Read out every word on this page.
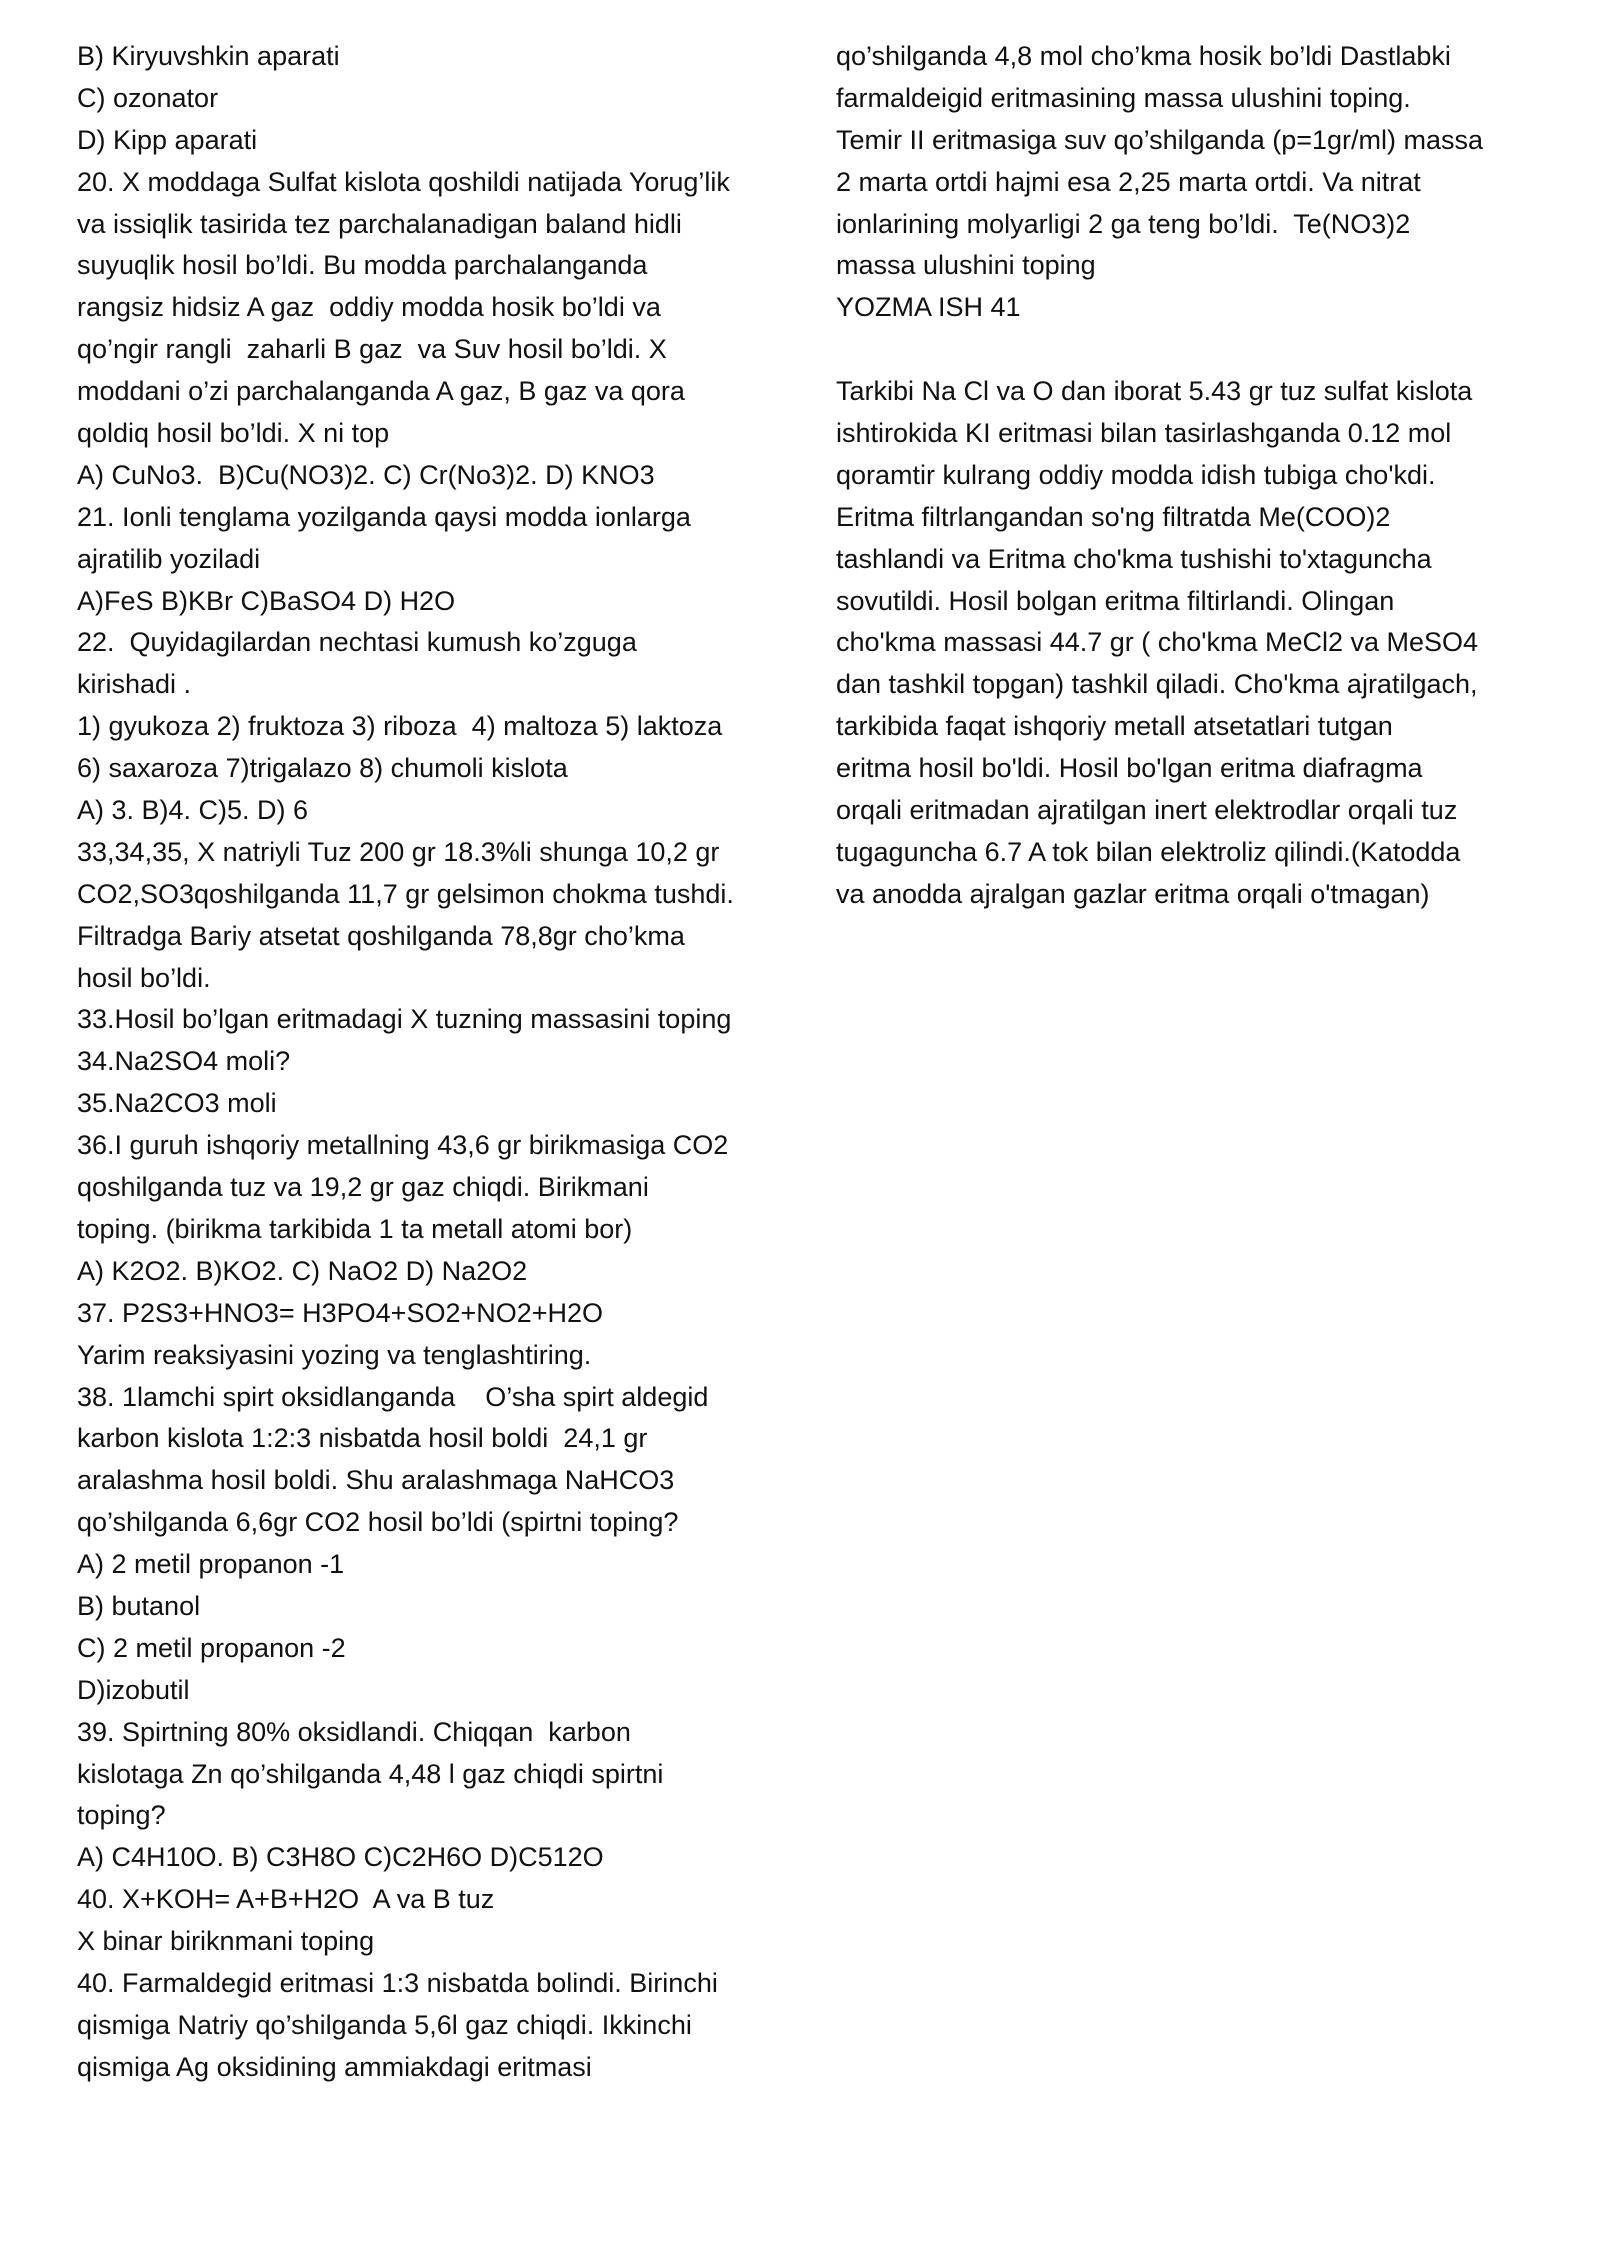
B) Kiryuvshkin aparati
C) ozonator
D) Kipp aparati
20. X moddaga Sulfat kislota qoshildi natijada Yorug’lik
va issiqlik tasirida tez parchalanadigan baland hidli
suyuqlik hosil bo’ldi. Bu modda parchalanganda
rangsiz hidsiz A gaz  oddiy modda hosik bo’ldi va
qo’ngir rangli  zaharli B gaz  va Suv hosil bo’ldi. X
moddani o’zi parchalanganda A gaz, B gaz va qora
qoldiq hosil bo’ldi. X ni top
A) CuNo3.  B)Cu(NO3)2. C) Cr(No3)2. D) KNO3
21. Ionli tenglama yozilganda qaysi modda ionlarga
ajratilib yoziladi
A)FeS B)KBr C)BaSO4 D) H2O
22.  Quyidagilardan nechtasi kumush ko’zguga
kirishadi .
1) gyukoza 2) fruktoza 3) riboza  4) maltoza 5) laktoza
6) saxaroza 7)trigalazo 8) chumoli kislota
A) 3. B)4. C)5. D) 6
33,34,35, X natriyli Tuz 200 gr 18.3%li shunga 10,2 gr
CO2,SO3qoshilganda 11,7 gr gelsimon chokma tushdi.
Filtradga Bariy atsetat qoshilganda 78,8gr cho’kma
hosil bo’ldi.
33.Hosil bo’lgan eritmadagi X tuzning massasini toping
34.Na2SO4 moli?
35.Na2CO3 moli
36.I guruh ishqoriy metallning 43,6 gr birikmasiga CO2
qoshilganda tuz va 19,2 gr gaz chiqdi. Birikmani
toping. (birikma tarkibida 1 ta metall atomi bor)
A) K2O2. B)KO2. C) NaO2 D) Na2O2
37. P2S3+HNO3= H3PO4+SO2+NO2+H2O
Yarim reaksiyasini yozing va tenglashtiring.
38. 1lamchi spirt oksidlanganda    O’sha spirt aldegid
karbon kislota 1:2:3 nisbatda hosil boldi  24,1 gr
aralashma hosil boldi. Shu aralashmaga NaHCO3
qo’shilganda 6,6gr CO2 hosil bo’ldi (spirtni toping?
A) 2 metil propanon -1
B) butanol
C) 2 metil propanon -2
D)izobutil
39. Spirtning 80% oksidlandi. Chiqqan  karbon
kislotaga Zn qo’shilganda 4,48 l gaz chiqdi spirtni
toping?
A) C4H10O. B) C3H8O C)C2H6O D)C512O
40. X+KOH= A+B+H2O  A va B tuz
X binar biriknmani toping
40. Farmaldegid eritmasi 1:3 nisbatda bolindi. Birinchi
qismiga Natriy qo’shilganda 5,6l gaz chiqdi. Ikkinchi
qismiga Ag oksidining ammiakdagi eritmasi
qo’shilganda 4,8 mol cho’kma hosik bo’ldi Dastlabki
farmaldeigid eritmasining massa ulushini toping.
Temir II eritmasiga suv qo’shilganda (p=1gr/ml) massa
2 marta ortdi hajmi esa 2,25 marta ortdi. Va nitrat
ionlarining molyarligi 2 ga teng bo’ldi.  Te(NO3)2
massa ulushini toping
YOZMA ISH 41
Tarkibi Na Cl va O dan iborat 5.43 gr tuz sulfat kislota
ishtirokida KI eritmasi bilan tasirlashganda 0.12 mol
qoramtir kulrang oddiy modda idish tubiga cho'kdi.
Eritma filtrlangandan so'ng filtratda Me(COO)2
tashlandi va Eritma cho'kma tushishi to'xtaguncha
sovutildi. Hosil bolgan eritma filtirlandi. Olingan
cho'kma massasi 44.7 gr ( cho'kma MeCl2 va MeSO4
dan tashkil topgan) tashkil qiladi. Cho'kma ajratilgach,
tarkibida faqat ishqoriy metall atsetatlari tutgan
eritma hosil bo'ldi. Hosil bo'lgan eritma diafragma
orqali eritmadan ajratilgan inert elektrodlar orqali tuz
tugaguncha 6.7 A tok bilan elektroliz qilindi.(Katodda
va anodda ajralgan gazlar eritma orqali o'tmagan)
